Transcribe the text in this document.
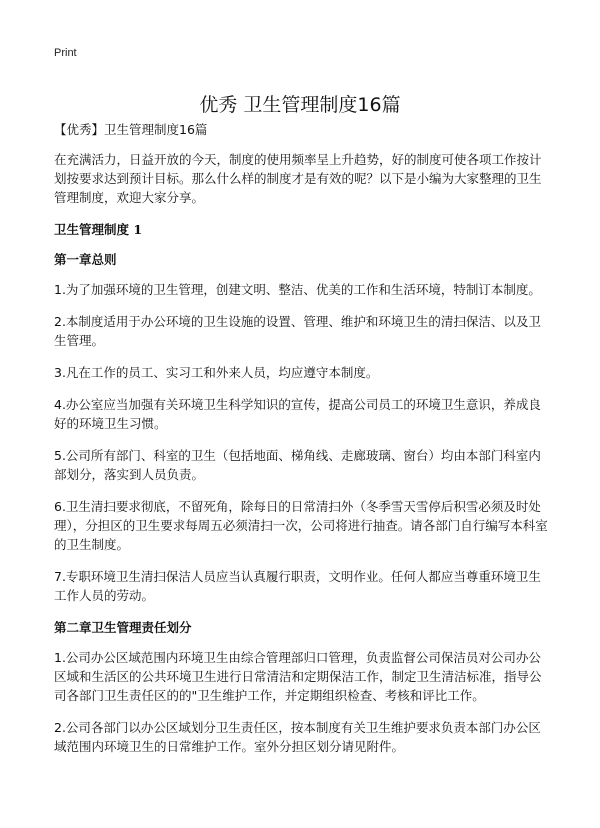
Print
优秀 卫生管理制度16篇

【优秀】卫生管理制度16篇

在充满活力，日益开放的今天，制度的使用频率呈上升趋势，好的制度可使各项工作按计划按要求达到预计目标。那么什么样的制度才是有效的呢？以下是小编为大家整理的卫生管理制度，欢迎大家分享。

卫生管理制度 1

第一章总则

1.为了加强环境的卫生管理，创建文明、整洁、优美的工作和生活环境，特制订本制度。

2.本制度适用于办公环境的卫生设施的设置、管理、维护和环境卫生的清扫保洁、以及卫生管理。

3.凡在工作的员工、实习工和外来人员，均应遵守本制度。

4.办公室应当加强有关环境卫生科学知识的宣传，提高公司员工的环境卫生意识，养成良好的环境卫生习惯。

5.公司所有部门、科室的卫生（包括地面、梯角线、走廊玻璃、窗台）均由本部门科室内部划分，落实到人员负责。

6.卫生清扫要求彻底，不留死角，除每日的日常清扫外（冬季雪天雪停后积雪必须及时处理），分担区的卫生要求每周五必须清扫一次，公司将进行抽查。请各部门自行编写本科室的卫生制度。

7.专职环境卫生清扫保洁人员应当认真履行职责，文明作业。任何人都应当尊重环境卫生工作人员的劳动。

第二章卫生管理责任划分

1.公司办公区域范围内环境卫生由综合管理部归口管理，负责监督公司保洁员对公司办公区域和生活区的公共环境卫生进行日常清洁和定期保洁工作，制定卫生清洁标准，指导公司各部门卫生责任区的的"卫生维护工作，并定期组织检查、考核和评比工作。

2.公司各部门以办公区域划分卫生责任区，按本制度有关卫生维护要求负责本部门办公区域范围内环境卫生的日常维护工作。室外分担区划分请见附件。
